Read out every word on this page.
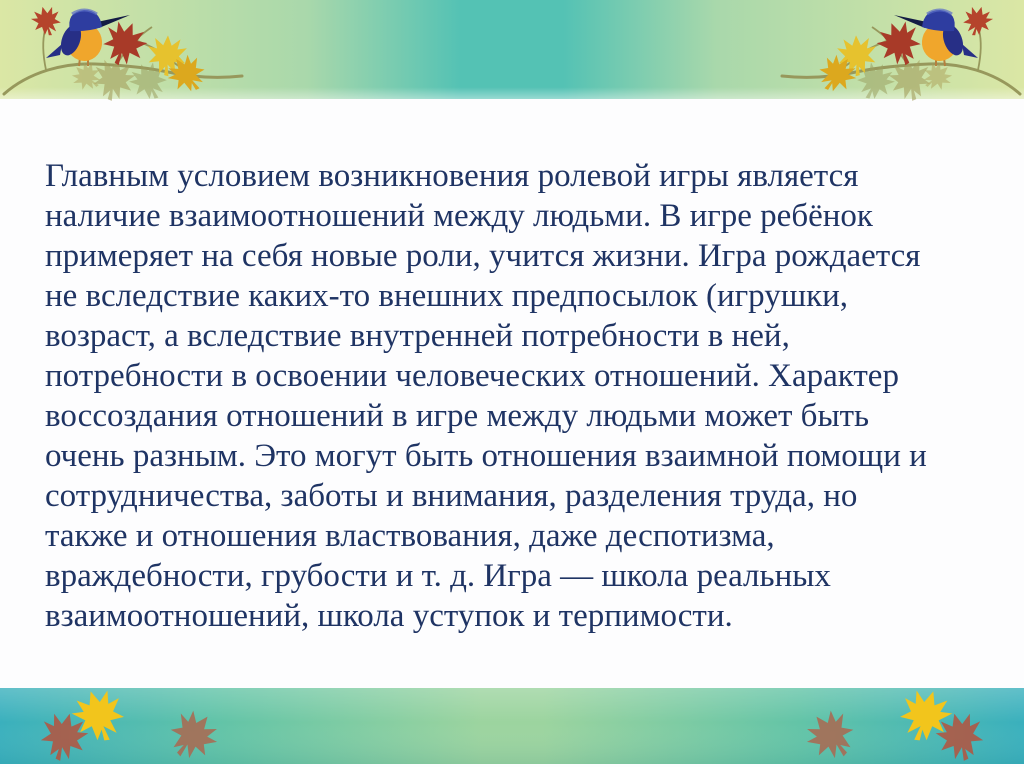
Главным условием возникновения ролевой игры является
наличие взаимоотношений между людьми. В игре ребёнок
примеряет на себя новые роли, учится жизни. Игра рождается
не вследствие каких-то внешних предпосылок (игрушки,
возраст, а вследствие внутренней потребности в ней,
потребности в освоении человеческих отношений. Характер
воссоздания отношений в игре между людьми может быть
очень разным. Это могут быть отношения взаимной помощи и
сотрудничества, заботы и внимания, разделения труда, но
также и отношения властвования, даже деспотизма,
враждебности, грубости и т. д. Игра — школа реальных
взаимоотношений, школа уступок и терпимости.
